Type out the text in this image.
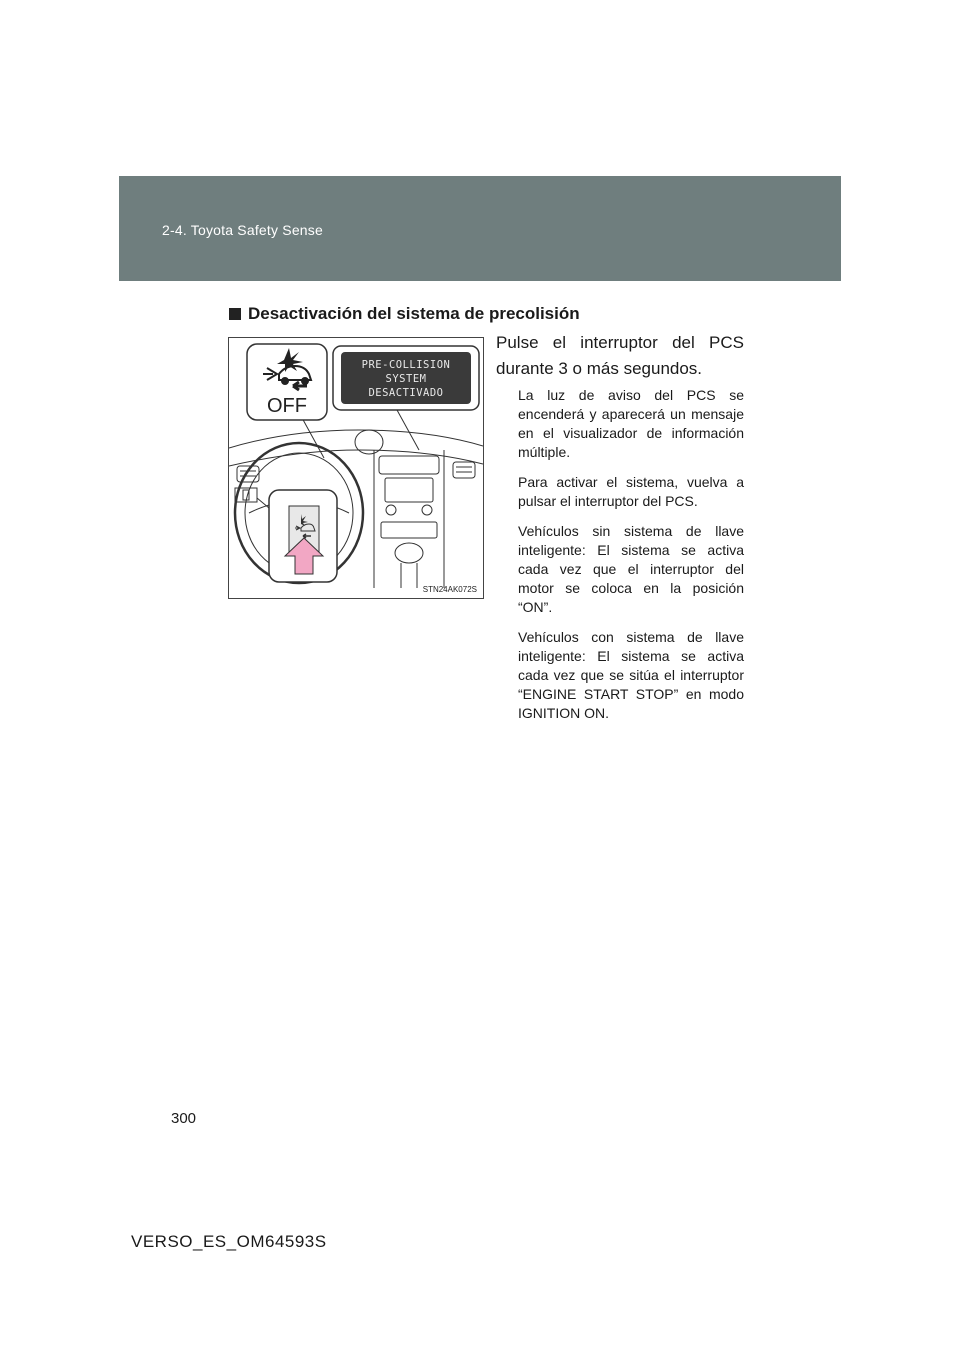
2-4. Toyota Safety Sense
Desactivación del sistema de precolisión
OFF
PRE-COLLISION
SYSTEM
DESACTIVADO
STN24AK072S
Pulse el interruptor del PCS durante 3 o más segundos.

La luz de aviso del PCS se encenderá y aparecerá un mensaje en el visualizador de información múltiple.

Para activar el sistema, vuelva a pulsar el interruptor del PCS.

Vehículos sin sistema de llave inteligente: El sistema se activa cada vez que el interruptor del motor se coloca en la posición “ON”.

Vehículos con sistema de llave inteligente: El sistema se activa cada vez que se sitúa el interruptor “ENGINE START STOP” en modo IGNITION ON.

300
VERSO_ES_OM64593S
